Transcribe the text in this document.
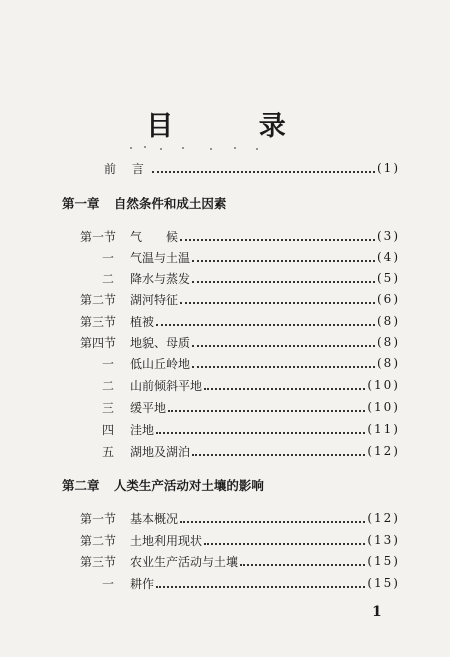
目 录
前 言	(1)
第一章 自然条件和成土因素
第一节	气　　候	(3)
一	气温与土温	(4)
二	降水与蒸发	(5)
第二节	湖河特征	(6)
第三节	植被	(8)
第四节	地貌、母质	(8)
一	低山丘岭地	(8)
二	山前倾斜平地	(10)
三	缓平地	(10)
四	洼地	(11)
五	湖地及湖泊	(12)
第二章 人类生产活动对土壤的影响
第一节	基本概况	(12)
第二节	土地利用现状	(13)
第三节	农业生产活动与土壤	(15)
一	耕作	(15)
1
